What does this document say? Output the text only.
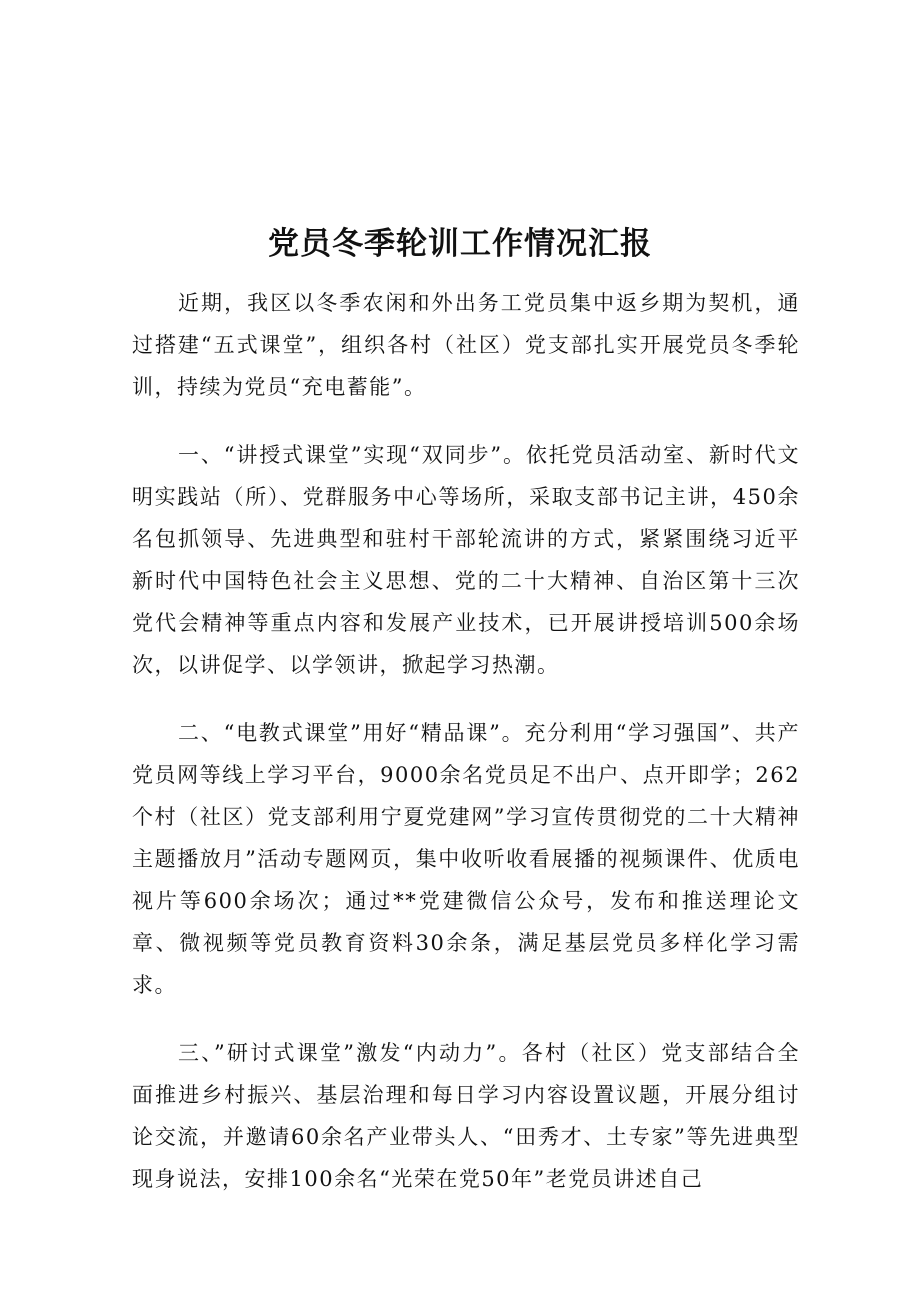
党员冬季轮训工作情况汇报

近期，我区以冬季农闲和外出务工党员集中返乡期为契机，通过搭建“五式课堂”，组织各村（社区）党支部扎实开展党员冬季轮训，持续为党员“充电蓄能”。

一、“讲授式课堂”实现“双同步”。依托党员活动室、新时代文明实践站（所）、党群服务中心等场所，采取支部书记主讲，450余名包抓领导、先进典型和驻村干部轮流讲的方式，紧紧围绕习近平新时代中国特色社会主义思想、党的二十大精神、自治区第十三次党代会精神等重点内容和发展产业技术，已开展讲授培训500余场次，以讲促学、以学领讲，掀起学习热潮。

二、“电教式课堂”用好“精品课”。充分利用“学习强国”、共产党员网等线上学习平台，9000余名党员足不出户、点开即学；262个村（社区）党支部利用宁夏党建网”学习宣传贯彻党的二十大精神主题播放月”活动专题网页，集中收听收看展播的视频课件、优质电视片等600余场次；通过**党建微信公众号，发布和推送理论文章、微视频等党员教育资料30余条，满足基层党员多样化学习需求。

三、”研讨式课堂”激发“内动力”。各村（社区）党支部结合全面推进乡村振兴、基层治理和每日学习内容设置议题，开展分组讨论交流，并邀请60余名产业带头人、“田秀才、土专家”等先进典型现身说法，安排100余名“光荣在党50年”老党员讲述自己
